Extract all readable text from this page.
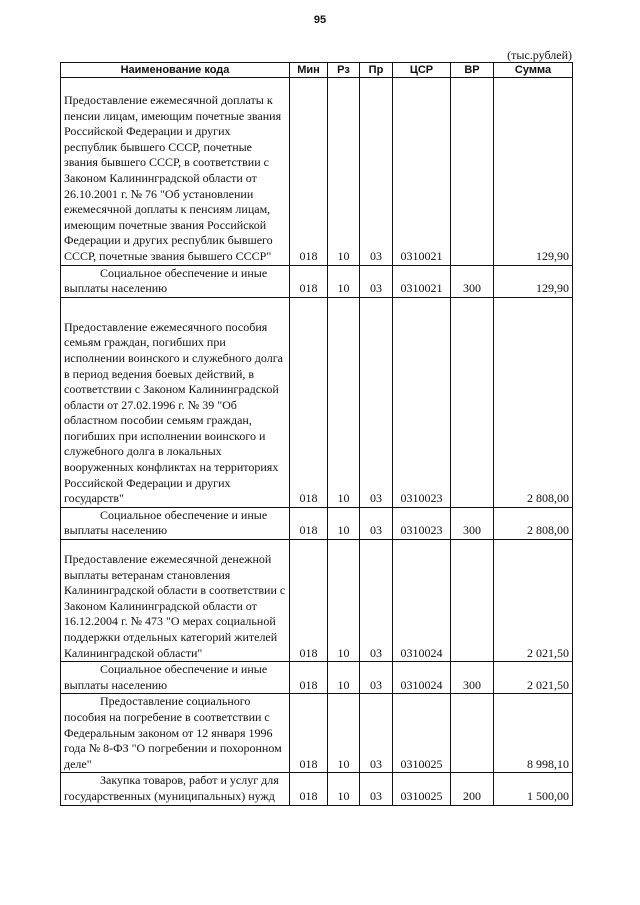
95
(тыс.рублей)
Наименование кода	Мин	Рз	Пр	ЦСР	ВР	Сумма

Предоставление ежемесячной доплаты к пенсии лицам, имеющим почетные звания Российской Федерации и других республик бывшего СССР, почетные звания бывшего СССР, в соответствии с Законом Калининградской области от 26.10.2001 г. № 76 "Об установлении ежемесячной доплаты к пенсиям лицам, имеющим почетные звания Российской Федерации и других республик бывшего СССР, почетные звания бывшего СССР"	018	10	03	0310021		129,90
Социальное обеспечение и иные выплаты населению	018	10	03	0310021	300	129,90

Предоставление ежемесячного пособия семьям граждан, погибших при исполнении воинского и служебного долга в период ведения боевых действий, в соответствии с Законом Калининградской области от 27.02.1996 г. № 39 "Об областном пособии семьям граждан, погибших при исполнении воинского и служебного долга в локальных вооруженных конфликтах на территориях Российской Федерации и других государств"	018	10	03	0310023		2 808,00
Социальное обеспечение и иные выплаты населению	018	10	03	0310023	300	2 808,00

Предоставление ежемесячной денежной выплаты ветеранам становления Калининградской области в соответствии с Законом Калининградской области от 16.12.2004 г. № 473 "О мерах социальной поддержки отдельных категорий жителей Калининградской области"	018	10	03	0310024		2 021,50
Социальное обеспечение и иные выплаты населению	018	10	03	0310024	300	2 021,50
Предоставление социального пособия на погребение в соответствии с Федеральным законом от 12 января 1996 года № 8-ФЗ "О погребении и похоронном деле"	018	10	03	0310025		8 998,10
Закупка товаров, работ и услуг для государственных (муниципальных) нужд	018	10	03	0310025	200	1 500,00
